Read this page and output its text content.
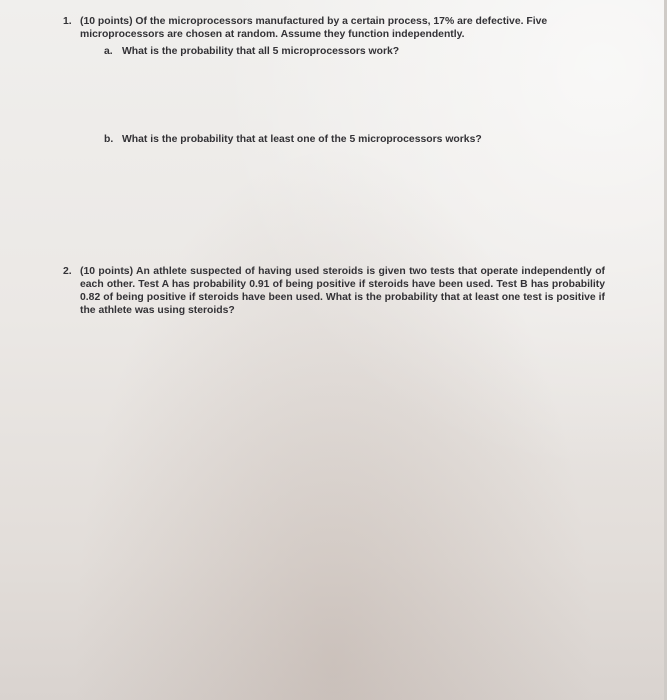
1. (10 points) Of the microprocessors manufactured by a certain process, 17% are defective. Five microprocessors are chosen at random. Assume they function independently.
a. What is the probability that all 5 microprocessors work?
b. What is the probability that at least one of the 5 microprocessors works?
2. (10 points) An athlete suspected of having used steroids is given two tests that operate independently of each other. Test A has probability 0.91 of being positive if steroids have been used. Test B has probability 0.82 of being positive if steroids have been used. What is the probability that at least one test is positive if the athlete was using steroids?
